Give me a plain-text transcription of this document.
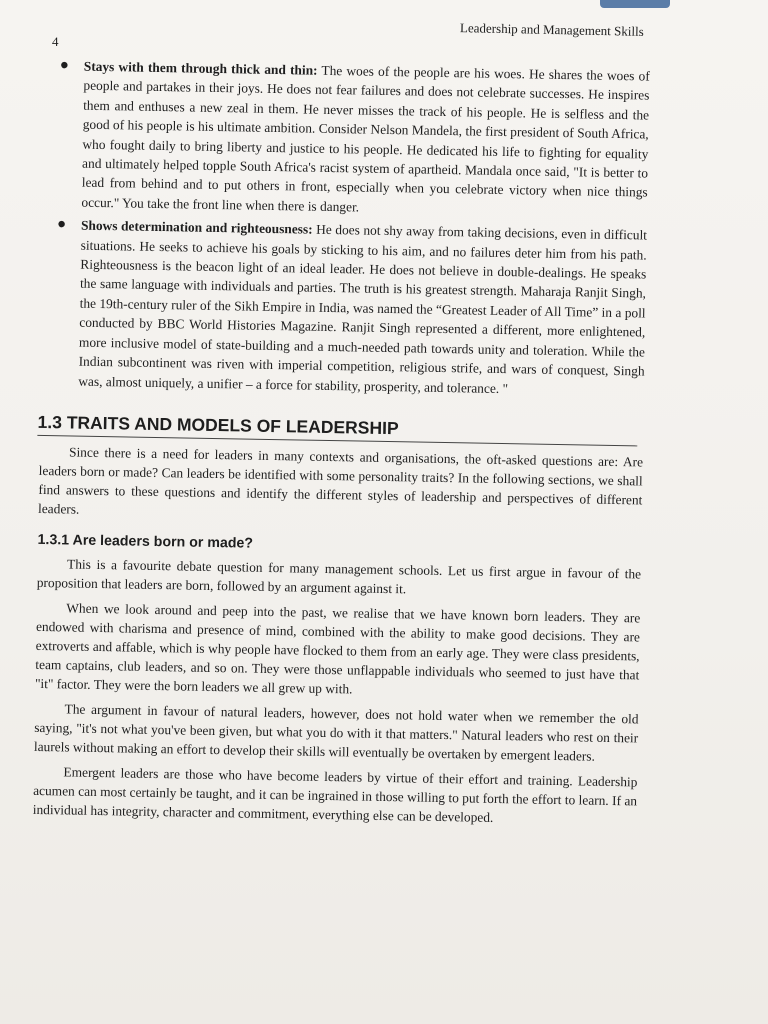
4
Leadership and Management Skills
● Stays with them through thick and thin: The woes of the people are his woes. He shares the woes of people and partakes in their joys. He does not fear failures and does not celebrate successes. He inspires them and enthuses a new zeal in them. He never misses the track of his people. He is selfless and the good of his people is his ultimate ambition. Consider Nelson Mandela, the first president of South Africa, who fought daily to bring liberty and justice to his people. He dedicated his life to fighting for equality and ultimately helped topple South Africa's racist system of apartheid. Mandala once said, "It is better to lead from behind and to put others in front, especially when you celebrate victory when nice things occur." You take the front line when there is danger.
● Shows determination and righteousness: He does not shy away from taking decisions, even in difficult situations. He seeks to achieve his goals by sticking to his aim, and no failures deter him from his path. Righteousness is the beacon light of an ideal leader. He does not believe in double-dealings. He speaks the same language with individuals and parties. The truth is his greatest strength. Maharaja Ranjit Singh, the 19th-century ruler of the Sikh Empire in India, was named the “Greatest Leader of All Time” in a poll conducted by BBC World Histories Magazine. Ranjit Singh represented a different, more enlightened, more inclusive model of state-building and a much-needed path towards unity and toleration. While the Indian subcontinent was riven with imperial competition, religious strife, and wars of conquest, Singh was, almost uniquely, a unifier – a force for stability, prosperity, and tolerance. "
1.3 TRAITS AND MODELS OF LEADERSHIP

Since there is a need for leaders in many contexts and organisations, the oft-asked questions are: Are leaders born or made? Can leaders be identified with some personality traits? In the following sections, we shall find answers to these questions and identify the different styles of leadership and perspectives of different leaders.

1.3.1 Are leaders born or made?

This is a favourite debate question for many management schools. Let us first argue in favour of the proposition that leaders are born, followed by an argument against it.

When we look around and peep into the past, we realise that we have known born leaders. They are endowed with charisma and presence of mind, combined with the ability to make good decisions. They are extroverts and affable, which is why people have flocked to them from an early age. They were class presidents, team captains, club leaders, and so on. They were those unflappable individuals who seemed to just have that "it" factor. They were the born leaders we all grew up with.

The argument in favour of natural leaders, however, does not hold water when we remember the old saying, "it's not what you've been given, but what you do with it that matters." Natural leaders who rest on their laurels without making an effort to develop their skills will eventually be overtaken by emergent leaders.

Emergent leaders are those who have become leaders by virtue of their effort and training. Leadership acumen can most certainly be taught, and it can be ingrained in those willing to put forth the effort to learn. If an individual has integrity, character and commitment, everything else can be developed.
